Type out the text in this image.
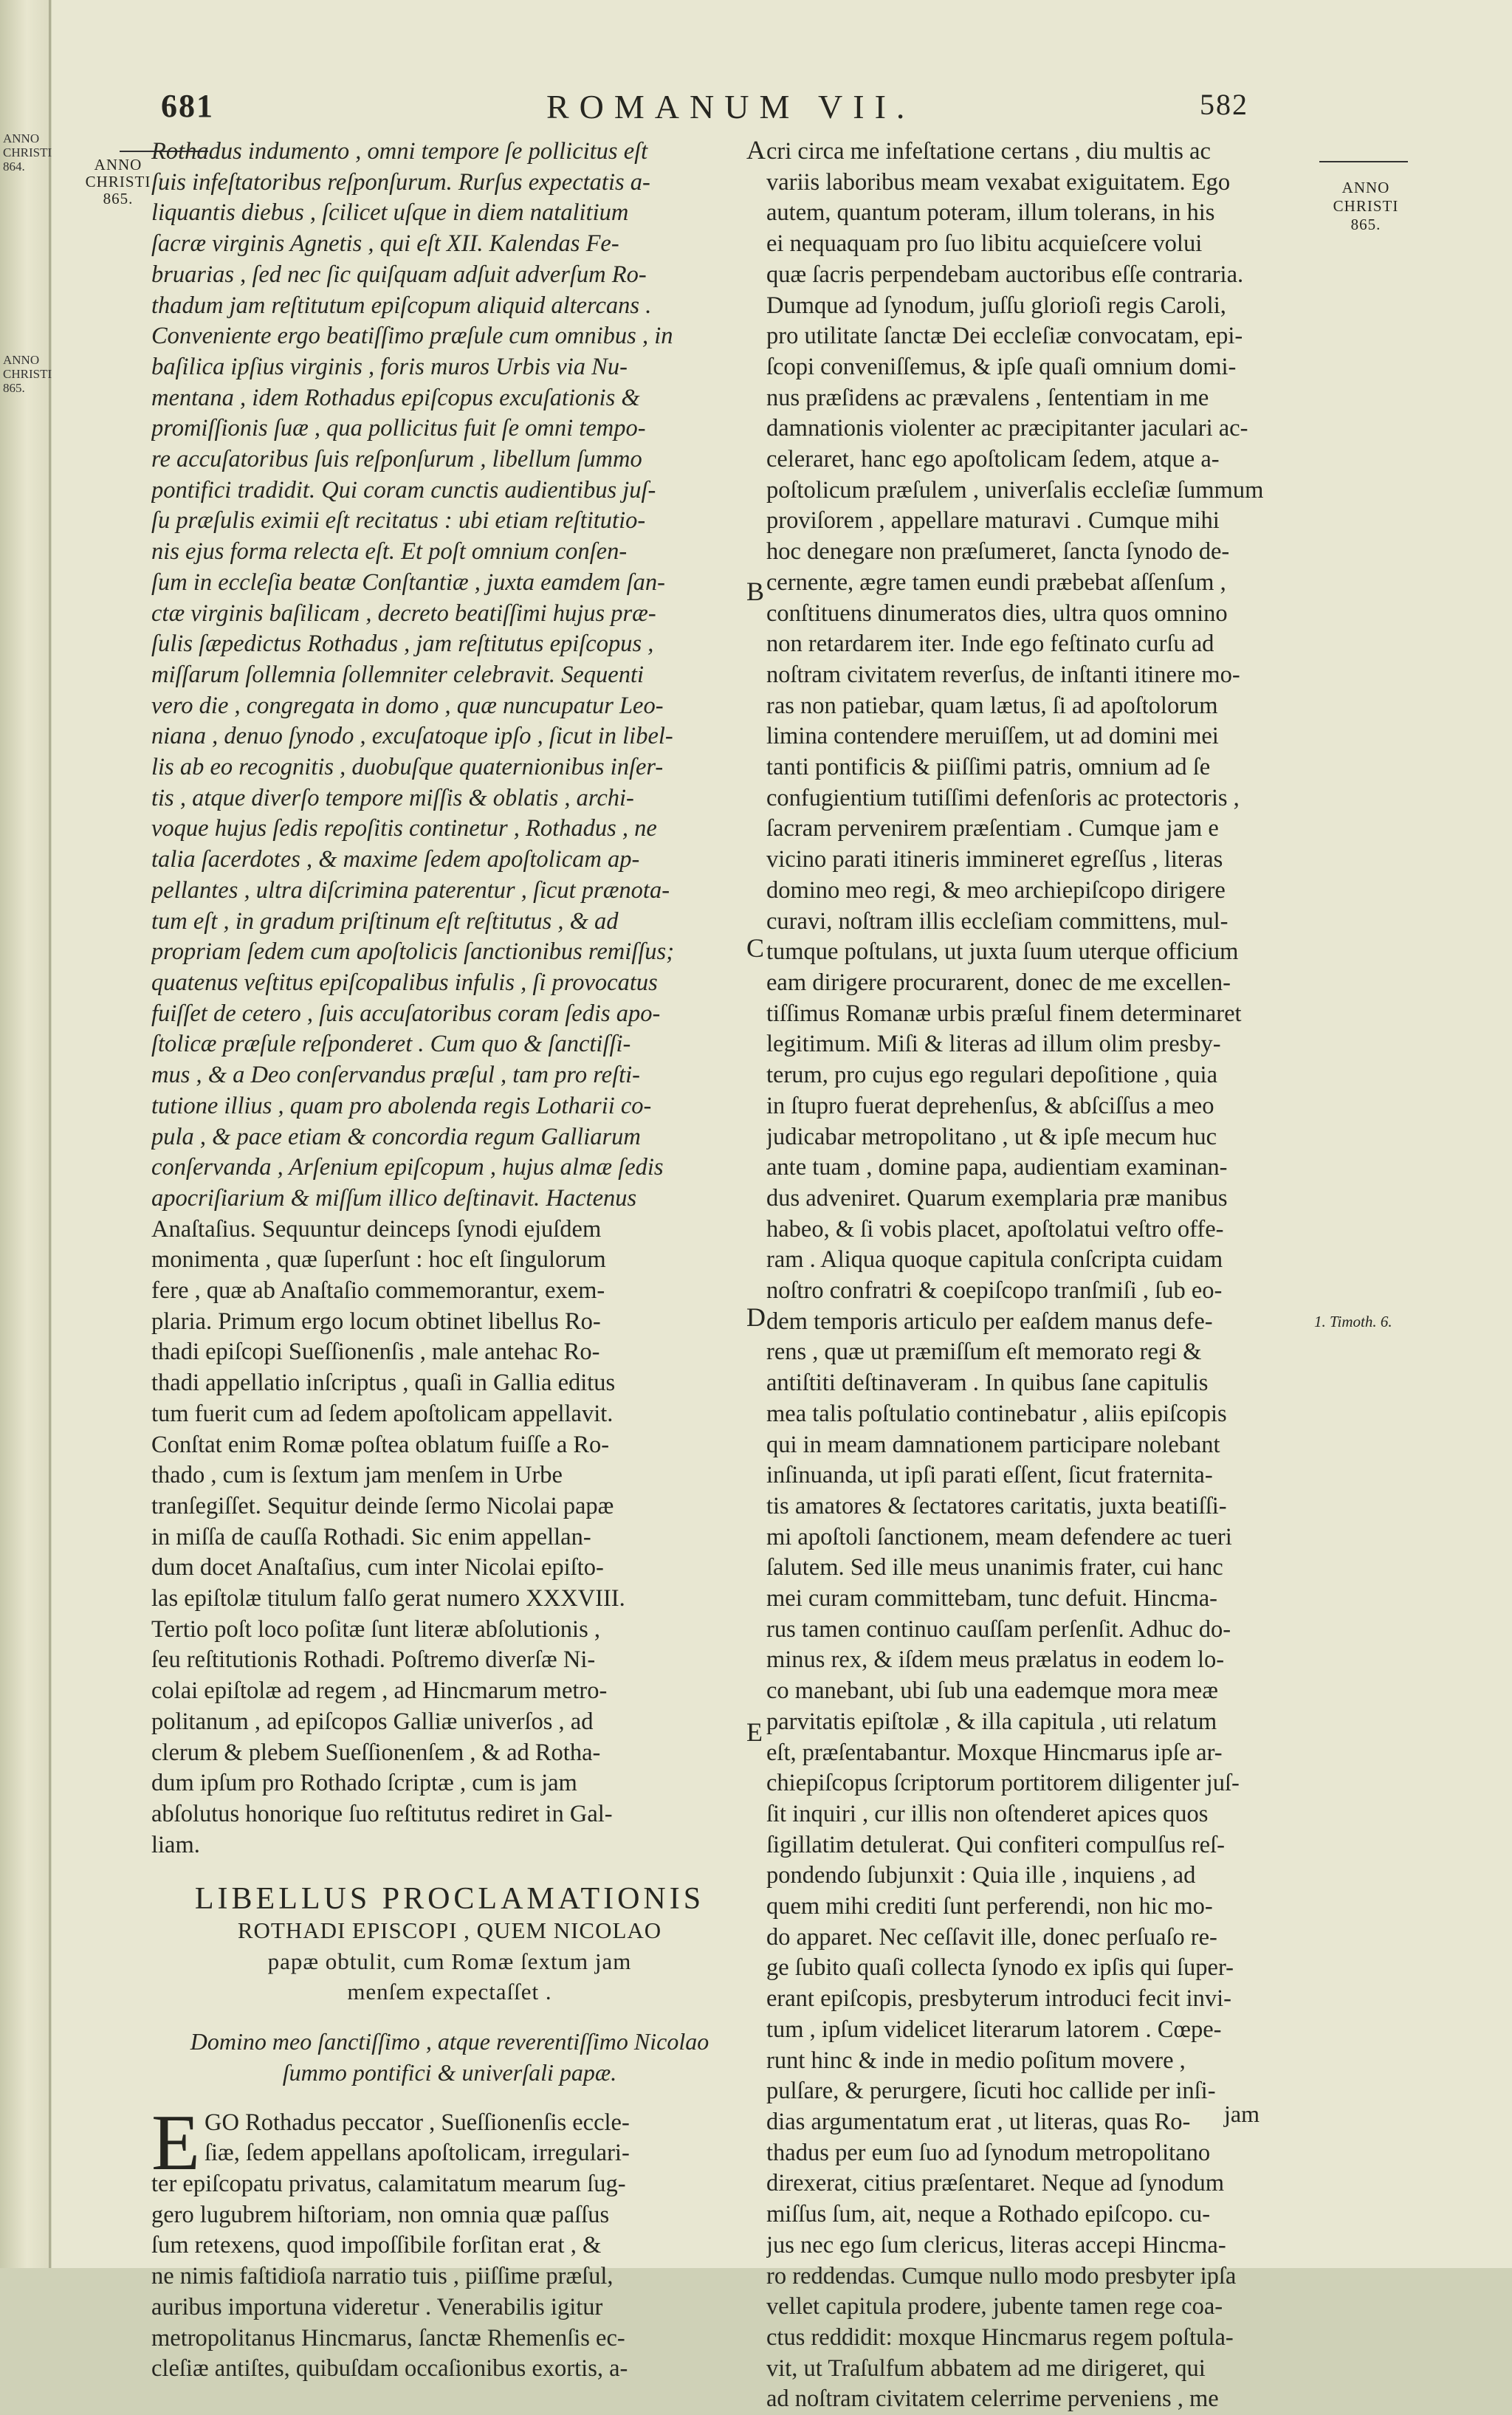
ANNO
CHRISTI
864.
ANNO
CHRISTI
865.
681	ROMANUM VII.	582
ANNO
CHRISTI
865.
ANNO
CHRISTI
865.
A
B
C
D
E
1. Timoth. 6.
Rothadus indumento , omni tempore ſe pollicitus eſt
ſuis infeſtatoribus reſponſurum. Rurſus expectatis a-
liquantis diebus , ſcilicet uſque in diem natalitium
ſacræ virginis Agnetis , qui eſt XII. Kalendas Fe-
bruarias , ſed nec ſic quiſquam adſuit adverſum Ro-
thadum jam reſtitutum epiſcopum aliquid altercans .
Conveniente ergo beatiſſimo præſule cum omnibus , in
baſilica ipſius virginis , foris muros Urbis via Nu-
mentana , idem Rothadus epiſcopus excuſationis &
promiſſionis ſuæ , qua pollicitus fuit ſe omni tempo-
re accuſatoribus ſuis reſponſurum , libellum ſummo
pontifici tradidit. Qui coram cunctis audientibus juſ-
ſu præſulis eximii eſt recitatus : ubi etiam reſtitutio-
nis ejus forma relecta eſt. Et poſt omnium conſen-
ſum in eccleſia beatæ Conſtantiæ , juxta eamdem ſan-
ctæ virginis baſilicam , decreto beatiſſimi hujus præ-
ſulis ſæpedictus Rothadus , jam reſtitutus epiſcopus ,
miſſarum ſollemnia ſollemniter celebravit. Sequenti
vero die , congregata in domo , quæ nuncupatur Leo-
niana , denuo ſynodo , excuſatoque ipſo , ſicut in libel-
lis ab eo recognitis , duobuſque quaternionibus inſer-
tis , atque diverſo tempore miſſis & oblatis , archi-
voque hujus ſedis repoſitis continetur , Rothadus , ne
talia ſacerdotes , & maxime ſedem apoſtolicam ap-
pellantes , ultra diſcrimina paterentur , ſicut prænota-
tum eſt , in gradum priſtinum eſt reſtitutus , & ad
propriam ſedem cum apoſtolicis ſanctionibus remiſſus;
quatenus veſtitus epiſcopalibus infulis , ſi provocatus
fuiſſet de cetero , ſuis accuſatoribus coram ſedis apo-
ſtolicæ præſule reſponderet . Cum quo & ſanctiſſi-
mus , & a Deo conſervandus præſul , tam pro reſti-
tutione illius , quam pro abolenda regis Lotharii co-
pula , & pace etiam & concordia regum Galliarum
conſervanda , Arſenium epiſcopum , hujus almæ ſedis
apocriſiarium & miſſum illico deſtinavit. Hactenus
Anaſtaſius. Sequuntur deinceps ſynodi ejuſdem
monimenta , quæ ſuperſunt : hoc eſt ſingulorum
fere , quæ ab Anaſtaſio commemorantur, exem-
plaria. Primum ergo locum obtinet libellus Ro-
thadi epiſcopi Sueſſionenſis , male antehac Ro-
thadi appellatio inſcriptus , quaſi in Gallia editus
tum fuerit cum ad ſedem apoſtolicam appellavit.
Conſtat enim Romæ poſtea oblatum fuiſſe a Ro-
thado , cum is ſextum jam menſem in Urbe
tranſegiſſet. Sequitur deinde ſermo Nicolai papæ
in miſſa de cauſſa Rothadi. Sic enim appellan-
dum docet Anaſtaſius, cum inter Nicolai epiſto-
las epiſtolæ titulum falſo gerat numero XXXVIII.
Tertio poſt loco poſitæ ſunt literæ abſolutionis ,
ſeu reſtitutionis Rothadi. Poſtremo diverſæ Ni-
colai epiſtolæ ad regem , ad Hincmarum metro-
politanum , ad epiſcopos Galliæ univerſos , ad
clerum & plebem Sueſſionenſem , & ad Rotha-
dum ipſum pro Rothado ſcriptæ , cum is jam
abſolutus honorique ſuo reſtitutus rediret in Gal-
liam.
LIBELLUS PROCLAMATIONIS
ROTHADI EPISCOPI , QUEM NICOLAO
papæ obtulit, cum Romæ ſextum jam
menſem expectaſſet .
Domino meo ſanctiſſimo , atque reverentiſſimo Nicolao
ſummo pontifici & univerſali papæ.
E GO Rothadus peccator , Sueſſionenſis eccle-
ſiæ, ſedem appellans apoſtolicam, irregulari-
ter epiſcopatu privatus, calamitatum mearum ſug-
gero lugubrem hiſtoriam, non omnia quæ paſſus
ſum retexens, quod impoſſibile forſitan erat , &
ne nimis faſtidioſa narratio tuis , piiſſime præſul,
auribus importuna videretur . Venerabilis igitur
metropolitanus Hincmarus, ſanctæ Rhemenſis ec-
cleſiæ antiſtes, quibuſdam occaſionibus exortis, a-
cri circa me infeſtatione certans , diu multis ac
variis laboribus meam vexabat exiguitatem. Ego
autem, quantum poteram, illum tolerans, in his
ei nequaquam pro ſuo libitu acquieſcere volui
quæ ſacris perpendebam auctoribus eſſe contraria.
Dumque ad ſynodum, juſſu glorioſi regis Caroli,
pro utilitate ſanctæ Dei eccleſiæ convocatam, epi-
ſcopi conveniſſemus, & ipſe quaſi omnium domi-
nus præſidens ac prævalens , ſententiam in me
damnationis violenter ac præcipitanter jaculari ac-
celeraret, hanc ego apoſtolicam ſedem, atque a-
poſtolicum præſulem , univerſalis eccleſiæ ſummum
proviſorem , appellare maturavi . Cumque mihi
hoc denegare non præſumeret, ſancta ſynodo de-
cernente, ægre tamen eundi præbebat aſſenſum ,
conſtituens dinumeratos dies, ultra quos omnino
non retardarem iter. Inde ego feſtinato curſu ad
noſtram civitatem reverſus, de inſtanti itinere mo-
ras non patiebar, quam lætus, ſi ad apoſtolorum
limina contendere meruiſſem, ut ad domini mei
tanti pontificis & piiſſimi patris, omnium ad ſe
confugientium tutiſſimi defenſoris ac protectoris ,
ſacram pervenirem præſentiam . Cumque jam e
vicino parati itineris immineret egreſſus , literas
domino meo regi, & meo archiepiſcopo dirigere
curavi, noſtram illis eccleſiam committens, mul-
tumque poſtulans, ut juxta ſuum uterque officium
eam dirigere procurarent, donec de me excellen-
tiſſimus Romanæ urbis præſul finem determinaret
legitimum. Miſi & literas ad illum olim presby-
terum, pro cujus ego regulari depoſitione , quia
in ſtupro fuerat deprehenſus, & abſciſſus a meo
judicabar metropolitano , ut & ipſe mecum huc
ante tuam , domine papa, audientiam examinan-
dus adveniret. Quarum exemplaria præ manibus
habeo, & ſi vobis placet, apoſtolatui veſtro offe-
ram . Aliqua quoque capitula conſcripta cuidam
noſtro confratri & coepiſcopo tranſmiſi , ſub eo-
dem temporis articulo per eaſdem manus defe-
rens , quæ ut præmiſſum eſt memorato regi &
antiſtiti deſtinaveram . In quibus ſane capitulis
mea talis poſtulatio continebatur , aliis epiſcopis
qui in meam damnationem participare nolebant
inſinuanda, ut ipſi parati eſſent, ſicut fraternita-
tis amatores & ſectatores caritatis, juxta beatiſſi-
mi apoſtoli ſanctionem, meam defendere ac tueri
ſalutem. Sed ille meus unanimis frater, cui hanc
mei curam committebam, tunc defuit. Hincma-
rus tamen continuo cauſſam perſenſit. Adhuc do-
minus rex, & iſdem meus prælatus in eodem lo-
co manebant, ubi ſub una eademque mora meæ
parvitatis epiſtolæ , & illa capitula , uti relatum
eſt, præſentabantur. Moxque Hincmarus ipſe ar-
chiepiſcopus ſcriptorum portitorem diligenter juſ-
ſit inquiri , cur illis non oſtenderet apices quos
ſigillatim detulerat. Qui confiteri compulſus reſ-
pondendo ſubjunxit : Quia ille , inquiens , ad
quem mihi crediti ſunt perferendi, non hic mo-
do apparet. Nec ceſſavit ille, donec perſuaſo re-
ge ſubito quaſi collecta ſynodo ex ipſis qui ſuper-
erant epiſcopis, presbyterum introduci fecit invi-
tum , ipſum videlicet literarum latorem . Cœpe-
runt hinc & inde in medio poſitum movere ,
pulſare, & perurgere, ſicuti hoc callide per inſi-
dias argumentatum erat , ut literas, quas Ro-
thadus per eum ſuo ad ſynodum metropolitano
direxerat, citius præſentaret. Neque ad ſynodum
miſſus ſum, ait, neque a Rothado epiſcopo. cu-
jus nec ego ſum clericus, literas accepi Hincma-
ro reddendas. Cumque nullo modo presbyter ipſa
vellet capitula prodere, jubente tamen rege coa-
ctus reddidit: moxque Hincmarus regem poſtula-
vit, ut Traſulfum abbatem ad me dirigeret, qui
ad noſtram civitatem celerrime perveniens , me
jam
